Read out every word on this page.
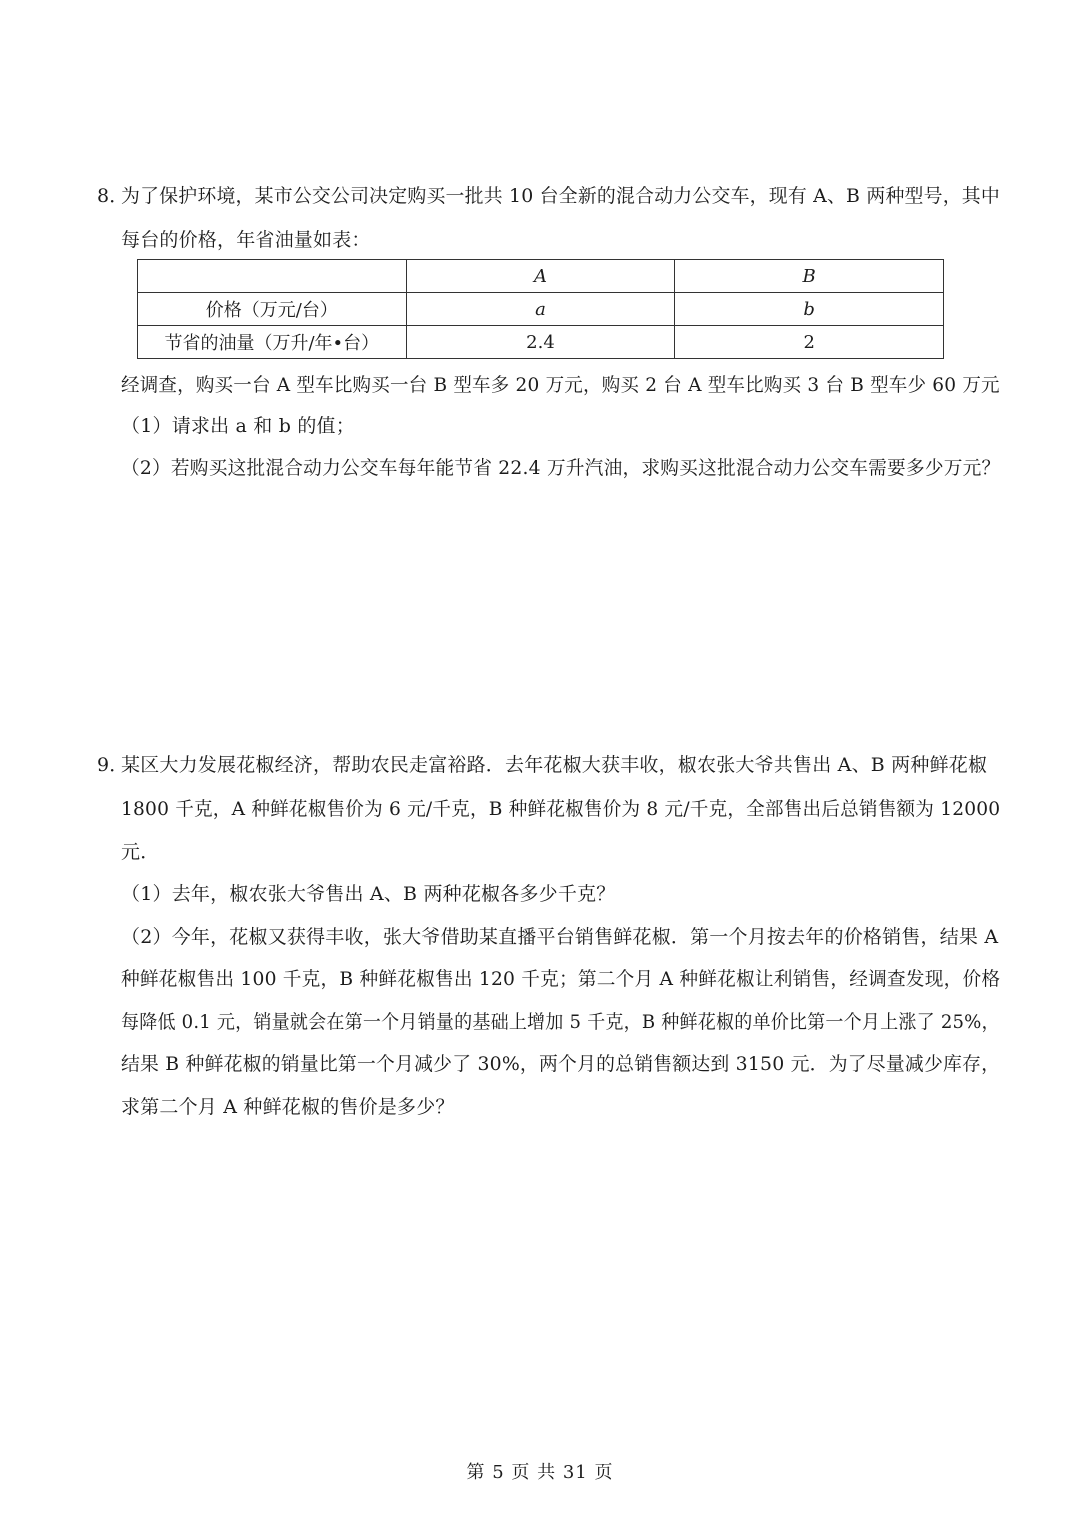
8．
为了保护环境，某市公交公司决定购买一批共 10 台全新的混合动力公交车，现有 A、B 两种型号，其中
每台的价格，年省油量如表：
	A	B
价格（万元/台）	a	b
节省的油量（万升/年•台）	2.4	2
经调查，购买一台 A 型车比购买一台 B 型车多 20 万元，购买 2 台 A 型车比购买 3 台 B 型车少 60 万元
（1）请求出 a 和 b 的值；
（2）若购买这批混合动力公交车每年能节省 22.4 万升汽油，求购买这批混合动力公交车需要多少万元？
9．
某区大力发展花椒经济，帮助农民走富裕路．去年花椒大获丰收，椒农张大爷共售出 A、B 两种鲜花椒
1800 千克，A 种鲜花椒售价为 6 元/千克，B 种鲜花椒售价为 8 元/千克，全部售出后总销售额为 12000
元．
（1）去年，椒农张大爷售出 A、B 两种花椒各多少千克？
（2）今年，花椒又获得丰收，张大爷借助某直播平台销售鲜花椒．第一个月按去年的价格销售，结果 A
种鲜花椒售出 100 千克，B 种鲜花椒售出 120 千克；第二个月 A 种鲜花椒让利销售，经调查发现，价格
每降低 0.1 元，销量就会在第一个月销量的基础上增加 5 千克，B 种鲜花椒的单价比第一个月上涨了 25%，
结果 B 种鲜花椒的销量比第一个月减少了 30%，两个月的总销售额达到 3150 元．为了尽量减少库存，
求第二个月 A 种鲜花椒的售价是多少？
第 5 页 共 31 页
